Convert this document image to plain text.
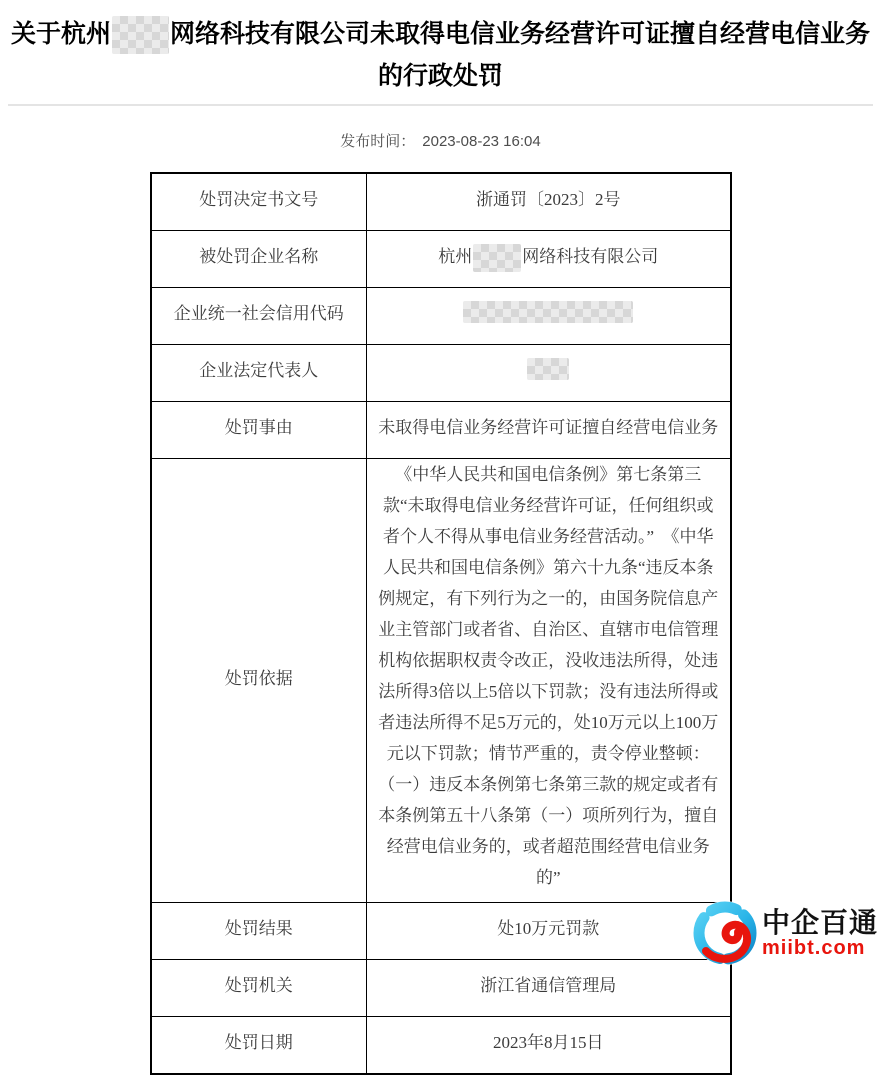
关于杭州 网络科技有限公司未取得电信业务经营许可证擅自经营电信业务
的行政处罚
发布时间： 2023-08-23 16:04
处罚决定书文号	浙通罚〔2023〕2号
被处罚企业名称	杭州 网络科技有限公司
企业统一社会信用代码	
企业法定代表人	
处罚事由	未取得电信业务经营许可证擅自经营电信业务
处罚依据	《中华人民共和国电信条例》第七条第三款“未取得电信业务经营许可证，任何组织或者个人不得从事电信业务经营活动。”　《中华人民共和国电信条例》第六十九条“违反本条例规定，有下列行为之一的，由国务院信息产业主管部门或者省、自治区、直辖市电信管理机构依据职权责令改正，没收违法所得，处违法所得3倍以上5倍以下罚款；没有违法所得或者违法所得不足5万元的，处10万元以上100万元以下罚款；情节严重的，责令停业整顿：（一）违反本条例第七条第三款的规定或者有本条例第五十八条第（一）项所列行为，擅自经营电信业务的，或者超范围经营电信业务的”
处罚结果	处10万元罚款
处罚机关	浙江省通信管理局
处罚日期	2023年8月15日
中企百通
miibt.com
